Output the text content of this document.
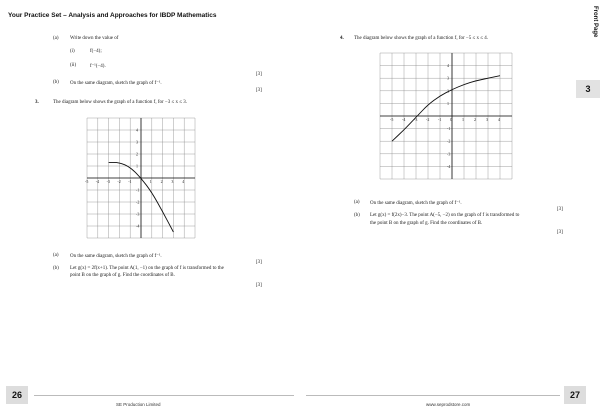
Your Practice Set – Analysis and Approaches for IBDP Mathematics	Front Page
3
(a) Write down the value of
(i)	f(−4);
(ii)	f⁻¹(−4).
[3]
(b) On the same diagram, sketch the graph of f⁻¹.
[3]
3.	The diagram below shows the graph of a function f, for −3 ≤ x ≤ 3.
-5 -4 -3 -2 -1	1 2 3 4
4
3
2
1
-1
-2
-3
-4
(a) On the same diagram, sketch the graph of f⁻¹.
[3]
(b) Let g(x) = 2f(x+1). The point A(1, −1) on the graph of f is transformed to the
point B on the graph of g. Find the coordinates of B.
[3]
4. The diagram below shows the graph of a function f, for −5 ≤ x ≤ 4.
-5 -4 -3 -2 -1 0	1	2	3	4
4
3
2
1
-1
-2
-3
-4
(a) On the same diagram, sketch the graph of f⁻¹.
[3]
(b) Let g(x) = f(2x)−3. The point A(−5, −2) on the graph of f is transformed to
the point B on the graph of g. Find the coordinates of B.
[3]
26
SE Production Limited
27
www.seprodstore.com
